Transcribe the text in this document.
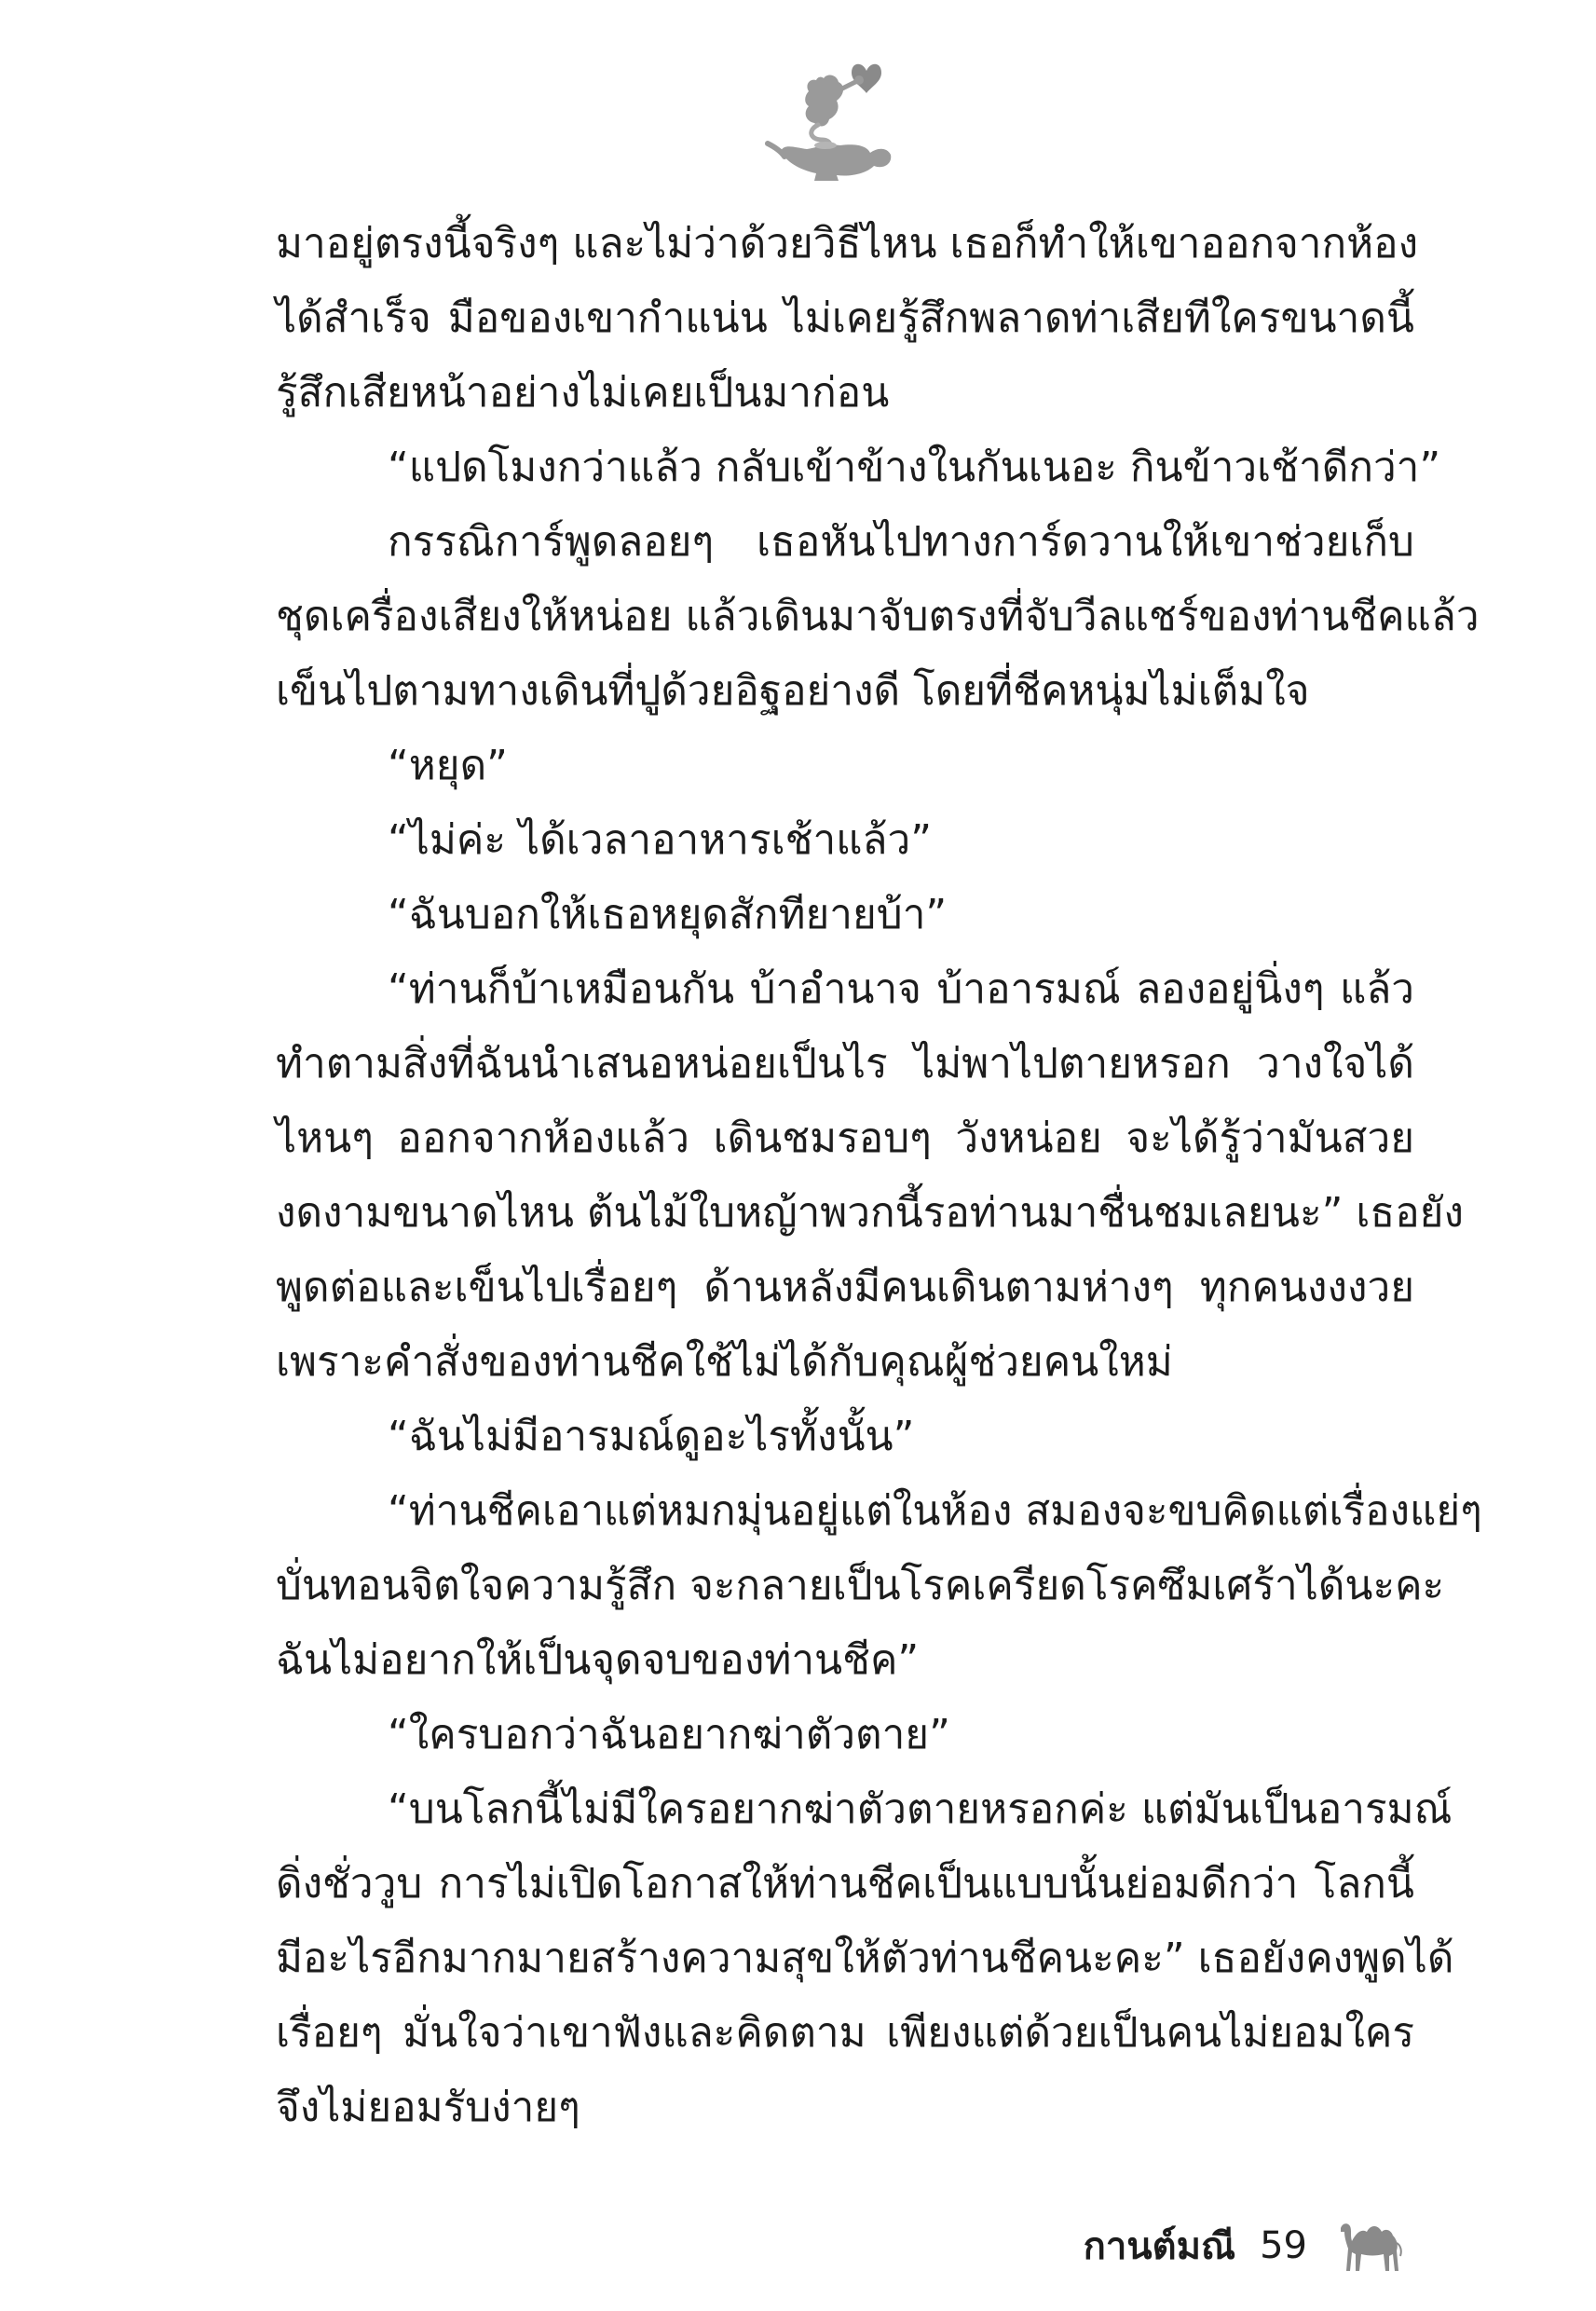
มาอยู่ตรงนี้จริงๆ และไม่ว่าด้วยวิธีไหน เธอก็ทำให้เขาออกจากห้อง
ได้สำเร็จ มือของเขากำแน่น ไม่เคยรู้สึกพลาดท่าเสียทีใครขนาดนี้
รู้สึกเสียหน้าอย่างไม่เคยเป็นมาก่อน
“แปดโมงกว่าแล้ว กลับเข้าข้างในกันเนอะ กินข้าวเช้าดีกว่า”
กรรณิการ์พูดลอยๆ เธอหันไปทางการ์ดวานให้เขาช่วยเก็บ
ชุดเครื่องเสียงให้หน่อย แล้วเดินมาจับตรงที่จับวีลแชร์ของท่านชีคแล้ว
เข็นไปตามทางเดินที่ปูด้วยอิฐอย่างดี โดยที่ชีคหนุ่มไม่เต็มใจ
“หยุด”
“ไม่ค่ะ ได้เวลาอาหารเช้าแล้ว”
“ฉันบอกให้เธอหยุดสักทียายบ้า”
“ท่านก็บ้าเหมือนกัน บ้าอำนาจ บ้าอารมณ์ ลองอยู่นิ่งๆ แล้ว
ทำตามสิ่งที่ฉันนำเสนอหน่อยเป็นไร ไม่พาไปตายหรอก วางใจได้
ไหนๆ ออกจากห้องแล้ว เดินชมรอบๆ วังหน่อย จะได้รู้ว่ามันสวย
งดงามขนาดไหน ต้นไม้ใบหญ้าพวกนี้รอท่านมาชื่นชมเลยนะ” เธอยัง
พูดต่อและเข็นไปเรื่อยๆ ด้านหลังมีคนเดินตามห่างๆ ทุกคนงงงวย
เพราะคำสั่งของท่านชีคใช้ไม่ได้กับคุณผู้ช่วยคนใหม่
“ฉันไม่มีอารมณ์ดูอะไรทั้งนั้น”
“ท่านชีคเอาแต่หมกมุ่นอยู่แต่ในห้อง สมองจะขบคิดแต่เรื่องแย่ๆ
บั่นทอนจิตใจความรู้สึก จะกลายเป็นโรคเครียดโรคซึมเศร้าได้นะคะ
ฉันไม่อยากให้เป็นจุดจบของท่านชีค”
“ใครบอกว่าฉันอยากฆ่าตัวตาย”
“บนโลกนี้ไม่มีใครอยากฆ่าตัวตายหรอกค่ะ แต่มันเป็นอารมณ์
ดิ่งชั่ววูบ การไม่เปิดโอกาสให้ท่านชีคเป็นแบบนั้นย่อมดีกว่า โลกนี้
มีอะไรอีกมากมายสร้างความสุขให้ตัวท่านชีคนะคะ” เธอยังคงพูดได้
เรื่อยๆ มั่นใจว่าเขาฟังและคิดตาม เพียงแต่ด้วยเป็นคนไม่ยอมใคร
จึงไม่ยอมรับง่ายๆ
กานต์มณี 59
